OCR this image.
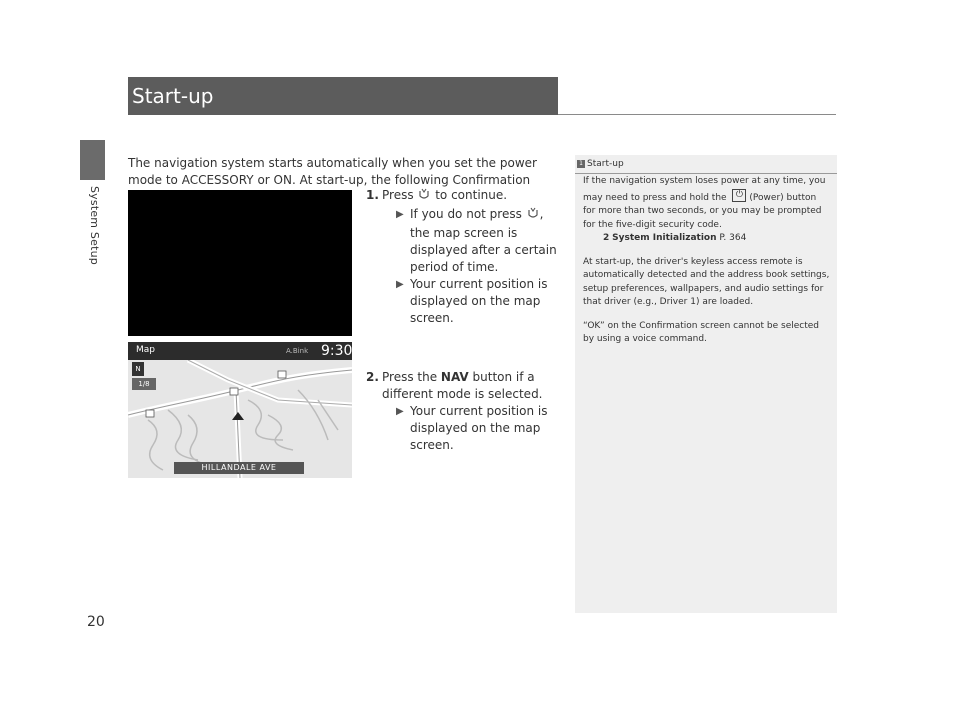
System Setup
20
Start-up

The navigation system starts automatically when you set the power mode to ACCESSORY or ON. At start-up, the following Confirmation

Map	A.Bink 9:30
N
1/8
HILLANDALE AVE
1. Press  to continue.
▶ If you do not press , the map screen is displayed after a certain period of time.
▶ Your current position is displayed on the map screen.
2. Press the NAV button if a different mode is selected.
▶ Your current position is displayed on the map screen.
1 Start-up

If the navigation system loses power at any time, you may need to press and hold the ⏻ (Power) button for more than two seconds, or you may be prompted for the five-digit security code.
2 System Initialization P. 364

At start-up, the driver's keyless access remote is automatically detected and the address book settings, setup preferences, wallpapers, and audio settings for that driver (e.g., Driver 1) are loaded.

“OK” on the Confirmation screen cannot be selected by using a voice command.
